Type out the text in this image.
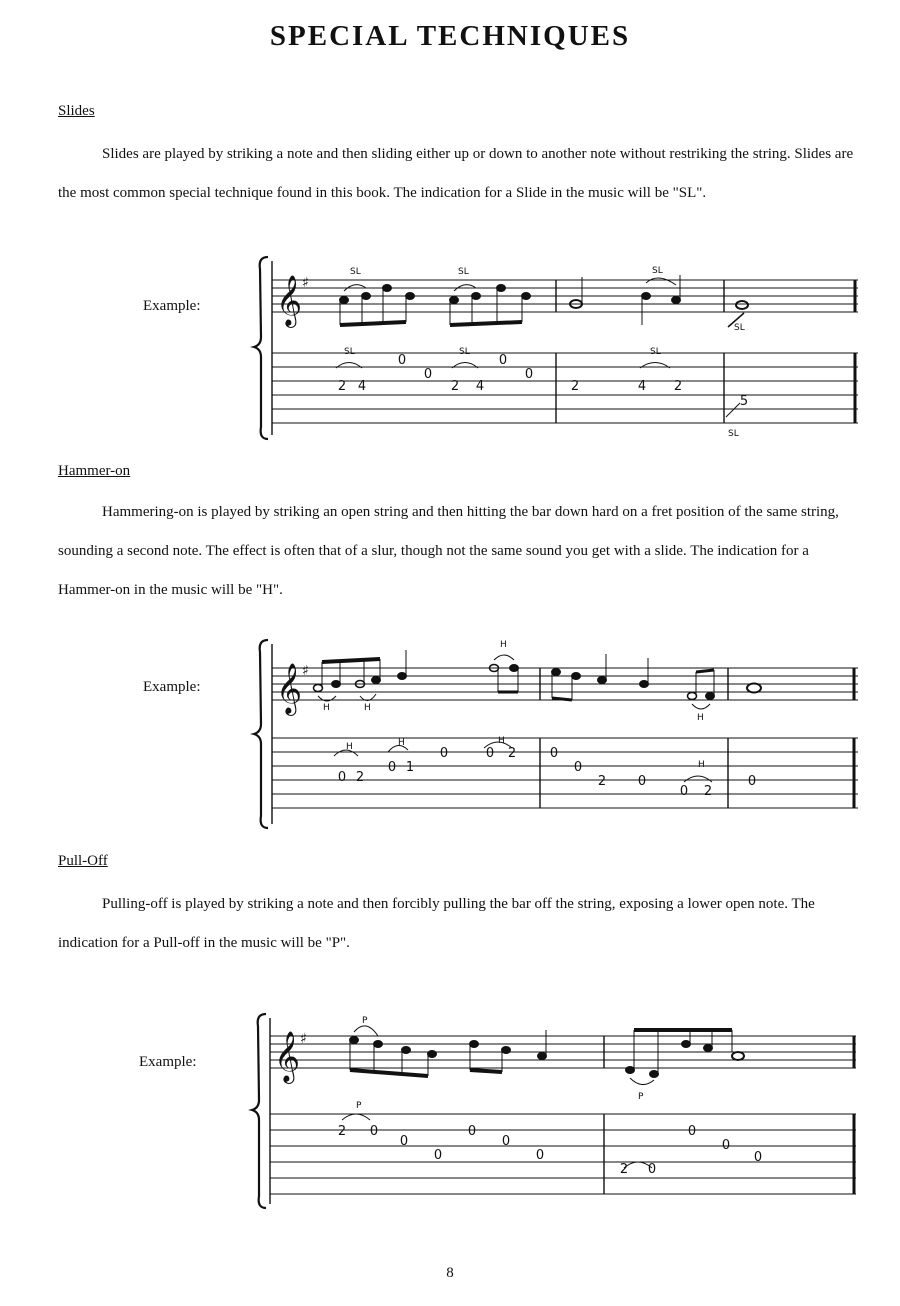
SPECIAL TECHNIQUES
Slides

Slides are played by striking a note and then sliding either up or down to another note without restriking the string. Slides are the most common special technique found in this book. The indication for a Slide in the music will be "SL".

Example: 𝄞 ♯
SL	SL	SL
SL
SL	SL	SL
SL
2 4
0
0
2 4
0
0
2	4 2
5
Hammer-on

Hammering-on is played by striking an open string and then hitting the bar down hard on a fret position of the same string, sounding a second note. The effect is often that of a slur, though not the same sound you get with a slide. The indication for a Hammer-on in the music will be "H".

Example: 𝄞 ♯
H	H
H
H
H	H	H
H
0 2
0 1
0	0 2	0
0
2 0
0 2
0
Pull-Off

Pulling-off is played by striking a note and then forcibly pulling the bar off the string, exposing a lower open note. The indication for a Pull-off in the music will be "P".

Example: 𝄞 ♯
P
P
P
2 0
0
0
0
0
0
2 0
0
0
0
8
